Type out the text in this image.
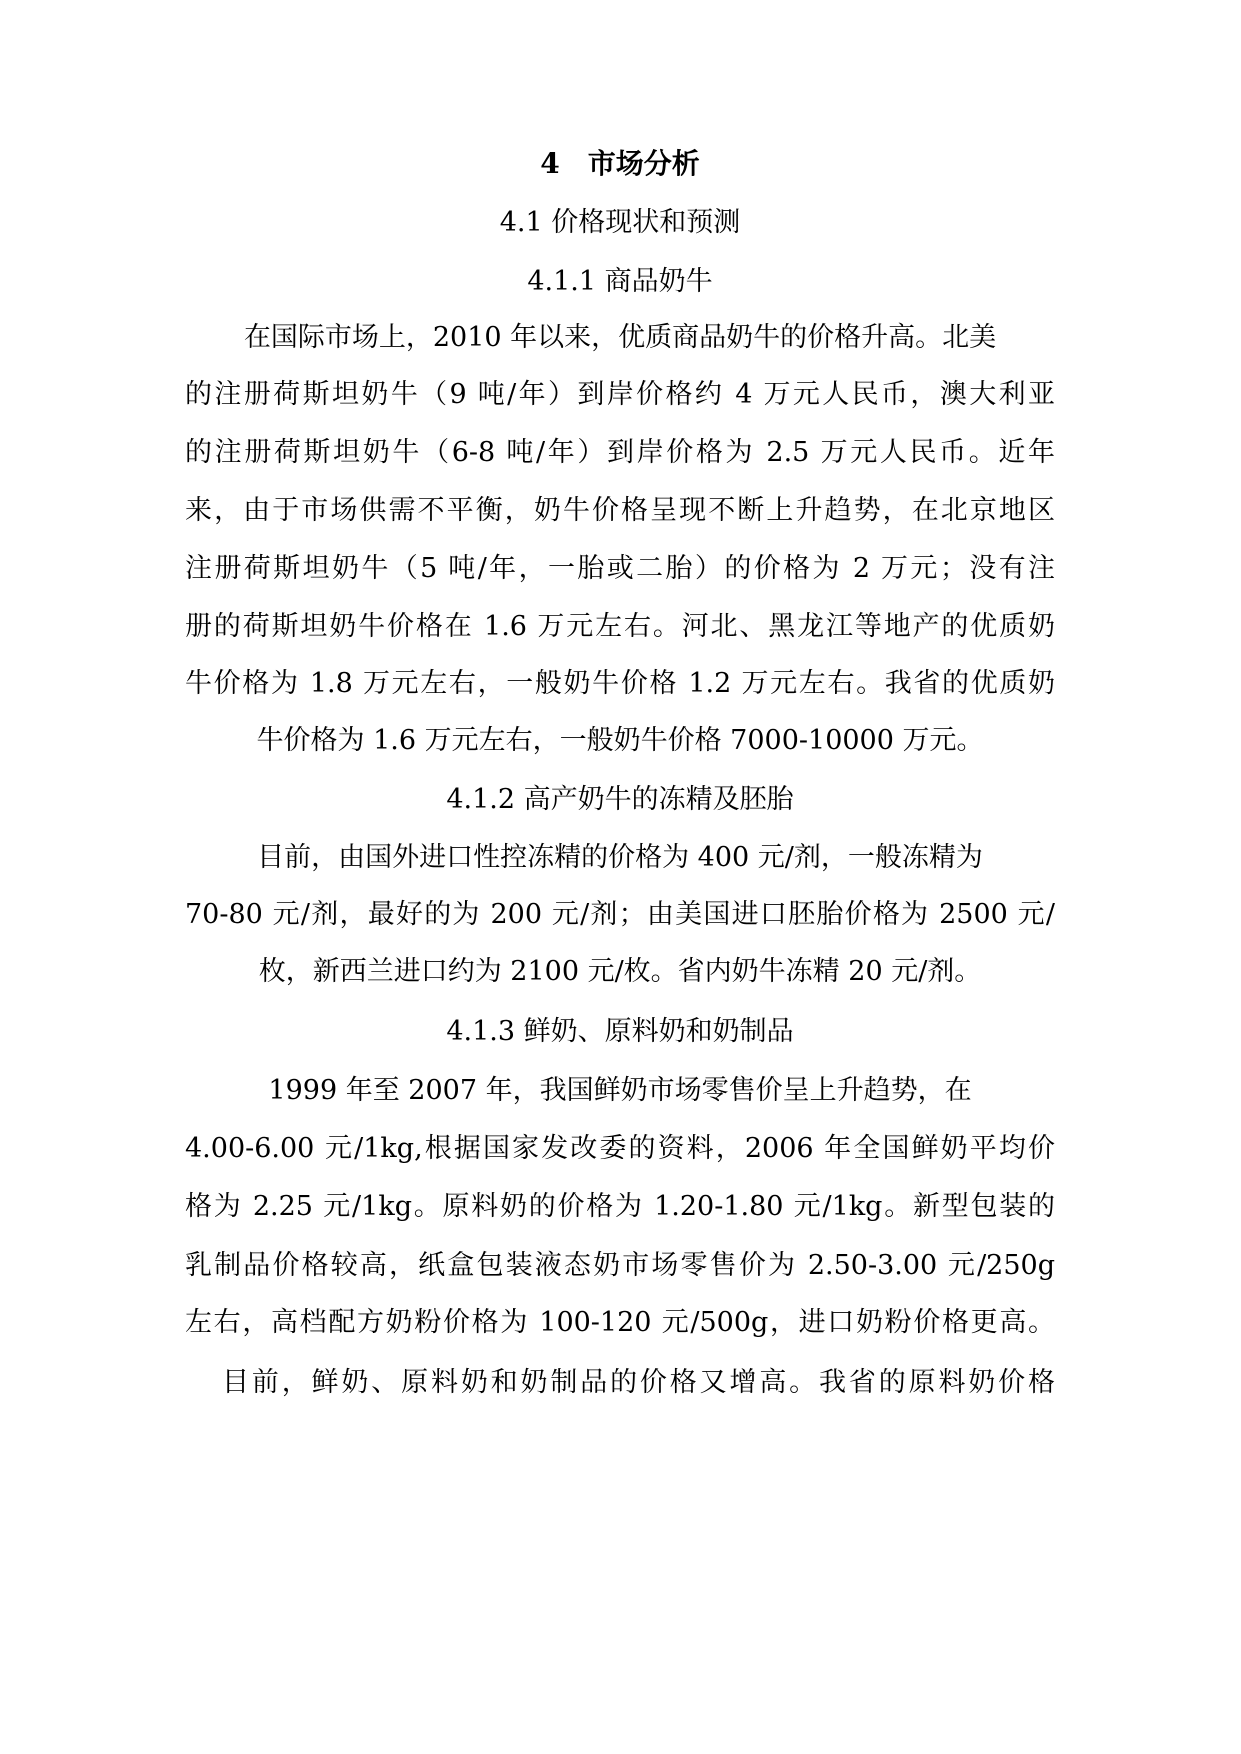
4　市场分析
4.1 价格现状和预测
4.1.1 商品奶牛
在国际市场上，2010 年以来，优质商品奶牛的价格升高。北美
的注册荷斯坦奶牛（9 吨/年）到岸价格约 4 万元人民币，澳大利亚
的注册荷斯坦奶牛（6-8 吨/年）到岸价格为 2.5 万元人民币。近年
来，由于市场供需不平衡，奶牛价格呈现不断上升趋势，在北京地区
注册荷斯坦奶牛（5 吨/年，一胎或二胎）的价格为 2 万元；没有注
册的荷斯坦奶牛价格在 1.6 万元左右。河北、黑龙江等地产的优质奶
牛价格为 1.8 万元左右，一般奶牛价格 1.2 万元左右。我省的优质奶
牛价格为 1.6 万元左右，一般奶牛价格 7000-10000 万元。
4.1.2 高产奶牛的冻精及胚胎
目前，由国外进口性控冻精的价格为 400 元/剂，一般冻精为
70-80 元/剂，最好的为 200 元/剂；由美国进口胚胎价格为 2500 元/
枚，新西兰进口约为 2100 元/枚。省内奶牛冻精 20 元/剂。
4.1.3 鲜奶、原料奶和奶制品
1999 年至 2007 年，我国鲜奶市场零售价呈上升趋势，在
4.00-6.00 元/1kg,根据国家发改委的资料，2006 年全国鲜奶平均价
格为 2.25 元/1kg。原料奶的价格为 1.20-1.80 元/1kg。新型包装的
乳制品价格较高，纸盒包装液态奶市场零售价为 2.50-3.00 元/250g
左右，高档配方奶粉价格为 100-120 元/500g，进口奶粉价格更高。
目前，鲜奶、原料奶和奶制品的价格又增高。我省的原料奶价格
